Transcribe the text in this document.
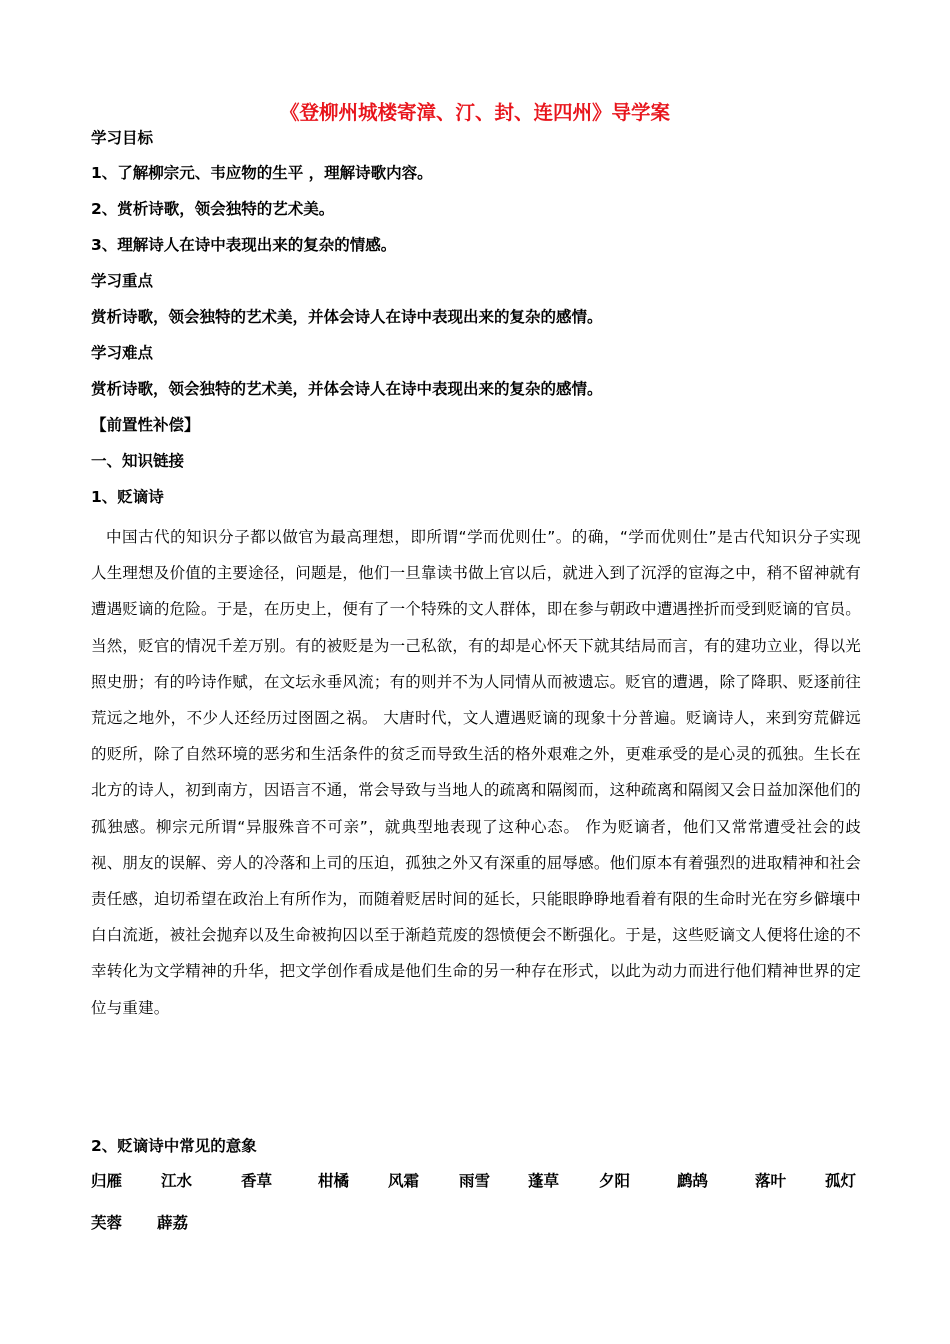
《登柳州城楼寄漳、汀、封、连四州》导学案
学习目标
1、了解柳宗元、韦应物的生平 ，理解诗歌内容。
2、赏析诗歌，领会独特的艺术美。
3、理解诗人在诗中表现出来的复杂的情感。
学习重点
赏析诗歌，领会独特的艺术美，并体会诗人在诗中表现出来的复杂的感情。
学习难点
赏析诗歌，领会独特的艺术美，并体会诗人在诗中表现出来的复杂的感情。
【前置性补偿】
一、知识链接
1、贬谪诗
中国古代的知识分子都以做官为最高理想，即所谓“学而优则仕”。的确，“学而优则仕”是古代知识分子实现人生理想及价值的主要途径，问题是，他们一旦靠读书做上官以后，就进入到了沉浮的宦海之中，稍不留神就有遭遇贬谪的危险。于是，在历史上，便有了一个特殊的文人群体，即在参与朝政中遭遇挫折而受到贬谪的官员。当然，贬官的情况千差万别。有的被贬是为一己私欲，有的却是心怀天下就其结局而言，有的建功立业，得以光照史册；有的吟诗作赋，在文坛永垂风流；有的则并不为人同情从而被遗忘。贬官的遭遇，除了降职、贬逐前往荒远之地外，不少人还经历过囹圄之祸。 大唐时代，文人遭遇贬谪的现象十分普遍。贬谪诗人，来到穷荒僻远的贬所，除了自然环境的恶劣和生活条件的贫乏而导致生活的格外艰难之外，更难承受的是心灵的孤独。生长在北方的诗人，初到南方，因语言不通，常会导致与当地人的疏离和隔阂而，这种疏离和隔阂又会日益加深他们的孤独感。柳宗元所谓“异服殊音不可亲”，就典型地表现了这种心态。 作为贬谪者，他们又常常遭受社会的歧视、朋友的误解、旁人的冷落和上司的压迫，孤独之外又有深重的屈辱感。他们原本有着强烈的进取精神和社会责任感，迫切希望在政治上有所作为，而随着贬居时间的延长，只能眼睁睁地看着有限的生命时光在穷乡僻壤中白白流逝，被社会抛弃以及生命被拘囚以至于渐趋荒废的怨愤便会不断强化。于是，这些贬谪文人便将仕途的不幸转化为文学精神的升华，把文学创作看成是他们生命的另一种存在形式，以此为动力而进行他们精神世界的定位与重建。
2、贬谪诗中常见的意象
归雁	江水	香草	柑橘	风霜	雨雪 蓬草	夕阳	鹧鸪	落叶	孤灯
芙蓉 薜荔
